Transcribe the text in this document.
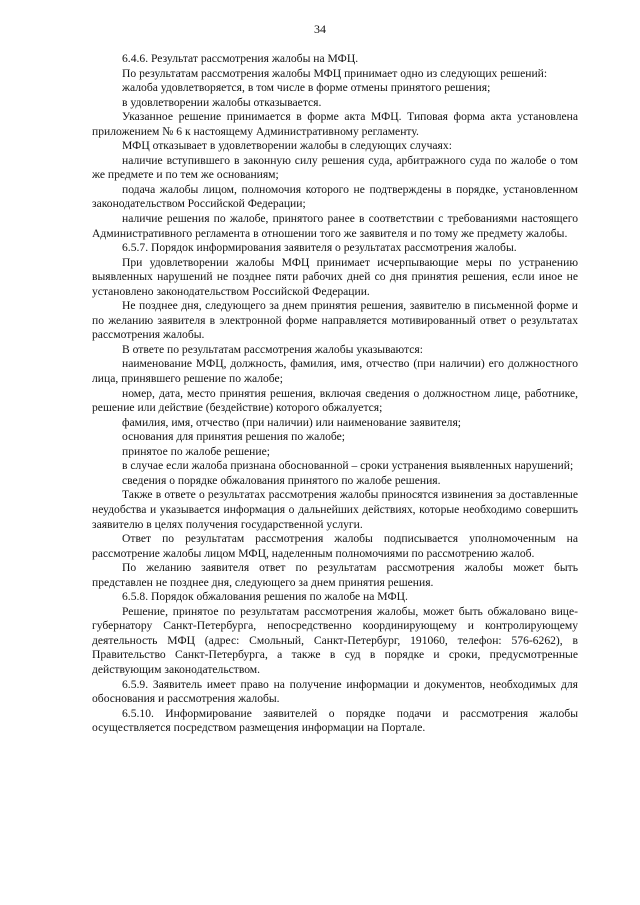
34

6.4.6. Результат рассмотрения жалобы на МФЦ.

По результатам рассмотрения жалобы МФЦ принимает одно из следующих решений:

жалоба удовлетворяется, в том числе в форме отмены принятого решения;

в удовлетворении жалобы отказывается.

Указанное решение принимается в форме акта МФЦ. Типовая форма акта установлена приложением № 6 к настоящему Административному регламенту.

МФЦ отказывает в удовлетворении жалобы в следующих случаях:

наличие вступившего в законную силу решения суда, арбитражного суда по жалобе о том же предмете и по тем же основаниям;

подача жалобы лицом, полномочия которого не подтверждены в порядке, установленном законодательством Российской Федерации;

наличие решения по жалобе, принятого ранее в соответствии с требованиями настоящего Административного регламента в отношении того же заявителя и по тому же предмету жалобы.

6.5.7. Порядок информирования заявителя о результатах рассмотрения жалобы.

При удовлетворении жалобы МФЦ принимает исчерпывающие меры по устранению выявленных нарушений не позднее пяти рабочих дней со дня принятия решения, если иное не установлено законодательством Российской Федерации.

Не позднее дня, следующего за днем принятия решения, заявителю в письменной форме и по желанию заявителя в электронной форме направляется мотивированный ответ о результатах рассмотрения жалобы.

В ответе по результатам рассмотрения жалобы указываются:

наименование МФЦ, должность, фамилия, имя, отчество (при наличии) его должностного лица, принявшего решение по жалобе;

номер, дата, место принятия решения, включая сведения о должностном лице, работнике, решение или действие (бездействие) которого обжалуется;

фамилия, имя, отчество (при наличии) или наименование заявителя;

основания для принятия решения по жалобе;

принятое по жалобе решение;

в случае если жалоба признана обоснованной – сроки устранения выявленных нарушений;

сведения о порядке обжалования принятого по жалобе решения.

Также в ответе о результатах рассмотрения жалобы приносятся извинения за доставленные неудобства и указывается информация о дальнейших действиях, которые необходимо совершить заявителю в целях получения государственной услуги.

Ответ по результатам рассмотрения жалобы подписывается уполномоченным на рассмотрение жалобы лицом МФЦ, наделенным полномочиями по рассмотрению жалоб.

По желанию заявителя ответ по результатам рассмотрения жалобы может быть представлен не позднее дня, следующего за днем принятия решения.

6.5.8. Порядок обжалования решения по жалобе на МФЦ.

Решение, принятое по результатам рассмотрения жалобы, может быть обжаловано вице-губернатору Санкт-Петербурга, непосредственно координирующему и контролирующему деятельность МФЦ (адрес: Смольный, Санкт-Петербург, 191060, телефон: 576-6262), в Правительство Санкт-Петербурга, а также в суд в порядке и сроки, предусмотренные действующим законодательством.

6.5.9. Заявитель имеет право на получение информации и документов, необходимых для обоснования и рассмотрения жалобы.

6.5.10. Информирование заявителей о порядке подачи и рассмотрения жалобы осуществляется посредством размещения информации на Портале.
